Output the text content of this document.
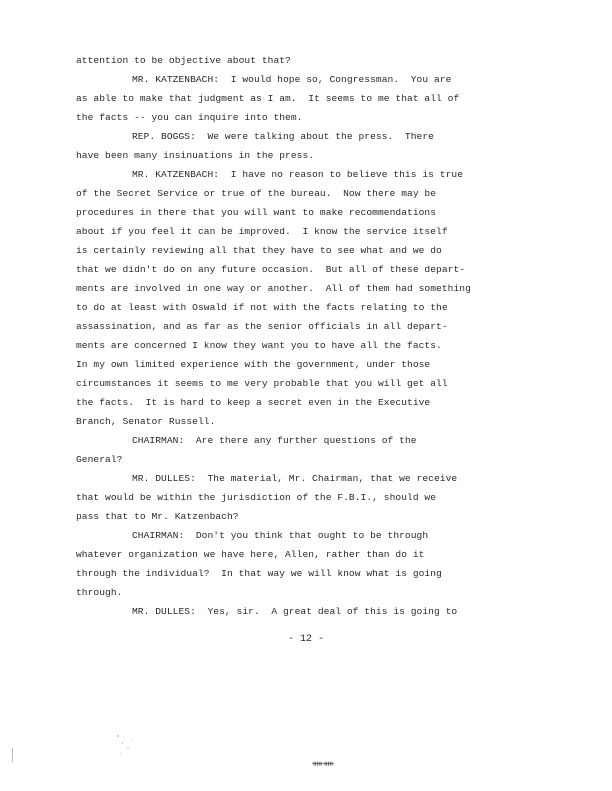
attention to be objective about that?
MR. KATZENBACH:  I would hope so, Congressman.  You are
as able to make that judgment as I am.  It seems to me that all of
the facts -- you can inquire into them.
REP. BOGGS:  We were talking about the press.  There
have been many insinuations in the press.
MR. KATZENBACH:  I have no reason to believe this is true
of the Secret Service or true of the bureau.  Now there may be
procedures in there that you will want to make recommendations
about if you feel it can be improved.  I know the service itself
is certainly reviewing all that they have to see what and we do
that we didn't do on any future occasion.  But all of these depart-
ments are involved in one way or another.  All of them had something
to do at least with Oswald if not with the facts relating to the
assassination, and as far as the senior officials in all depart-
ments are concerned I know they want you to have all the facts.
In my own limited experience with the government, under those
circumstances it seems to me very probable that you will get all
the facts.  It is hard to keep a secret even in the Executive
Branch, Senator Russell.
CHAIRMAN:  Are there any further questions of the
General?
MR. DULLES:  The material, Mr. Chairman, that we receive
that would be within the jurisdiction of the F.B.I., should we
pass that to Mr. Katzenbach?
CHAIRMAN:  Don't you think that ought to be through
whatever organization we have here, Allen, rather than do it
through the individual?  In that way we will know what is going
through.
MR. DULLES:  Yes, sir.  A great deal of this is going to
- 12 -
ᚔᚔ
